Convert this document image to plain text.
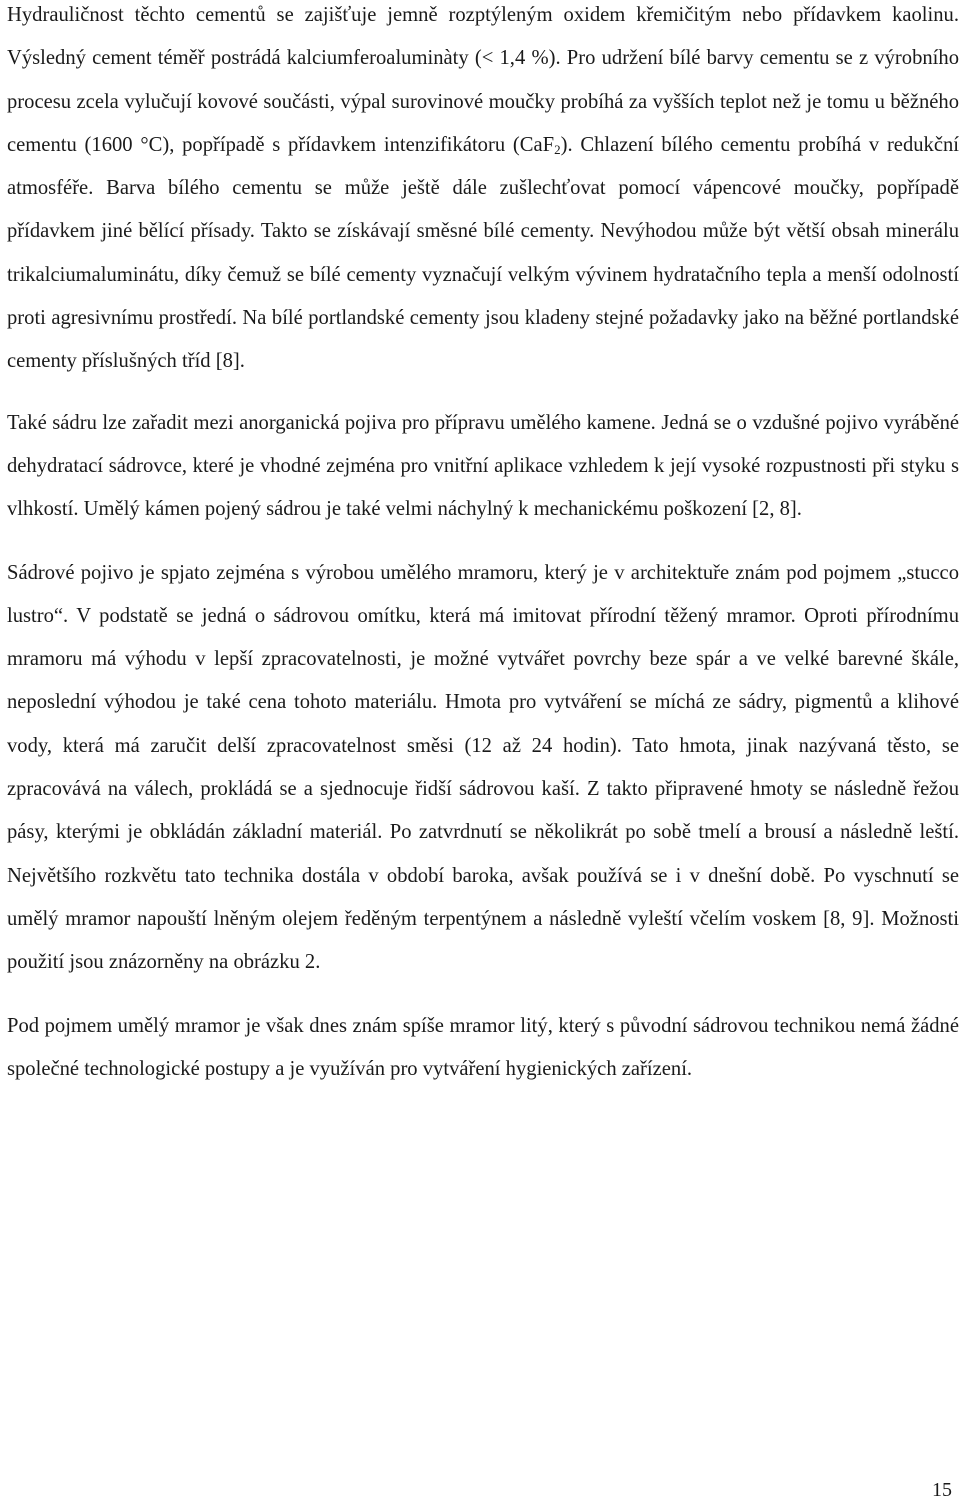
Hydrauličnost těchto cementů se zajišťuje jemně rozptýleným oxidem křemičitým nebo přídavkem kaolinu. Výsledný cement téměř postrádá kalciumferoaluminàty (< 1,4 %). Pro udržení bílé barvy cementu se z výrobního procesu zcela vylučují kovové součásti, výpal surovinové moučky probíhá za vyšších teplot než je tomu u běžného cementu (1600 °C), popřípadě s přídavkem intenzifikátoru (CaF$_2$). Chlazení bílého cementu probíhá v redukční atmosféře. Barva bílého cementu se může ještě dále zušlechťovat pomocí vápencové moučky, popřípadě přídavkem jiné bělící přísady. Takto se získávají směsné bílé cementy. Nevýhodou může být větší obsah minerálu trikalciumaluminátu, díky čemuž se bílé cementy vyznačují velkým vývinem hydratačního tepla a menší odolností proti agresivnímu prostředí. Na bílé portlandské cementy jsou kladeny stejné požadavky jako na běžné portlandské cementy příslušných tříd [8].

Také sádru lze zařadit mezi anorganická pojiva pro přípravu umělého kamene. Jedná se o vzdušné pojivo vyráběné dehydratací sádrovce, které je vhodné zejména pro vnitřní aplikace vzhledem k její vysoké rozpustnosti při styku s vlhkostí. Umělý kámen pojený sádrou je také velmi náchylný k mechanickému poškození [2, 8].

Sádrové pojivo je spjato zejména s výrobou umělého mramoru, který je v architektuře znám pod pojmem „stucco lustro“. V podstatě se jedná o sádrovou omítku, která má imitovat přírodní těžený mramor. Oproti přírodnímu mramoru má výhodu v lepší zpracovatelnosti, je možné vytvářet povrchy beze spár a ve velké barevné škále, neposlední výhodou je také cena tohoto materiálu. Hmota pro vytváření se míchá ze sádry, pigmentů a klihové vody, která má zaručit delší zpracovatelnost směsi (12 až 24 hodin). Tato hmota, jinak nazývaná těsto, se zpracovává na válech, prokládá se a sjednocuje řidší sádrovou kaší. Z takto připravené hmoty se následně řežou pásy, kterými je obkládán základní materiál. Po zatvrdnutí se několikrát po sobě tmelí a brousí a následně leští. Největšího rozkvětu tato technika dostála v období baroka, avšak používá se i v dnešní době. Po vyschnutí se umělý mramor napouští lněným olejem ředěným terpentýnem a následně vyleští včelím voskem [8, 9]. Možnosti použití jsou znázorněny na obrázku 2.

Pod pojmem umělý mramor je však dnes znám spíše mramor litý, který s původní sádrovou technikou nemá žádné společné technologické postupy a je využíván pro vytváření hygienických zařízení.

15
